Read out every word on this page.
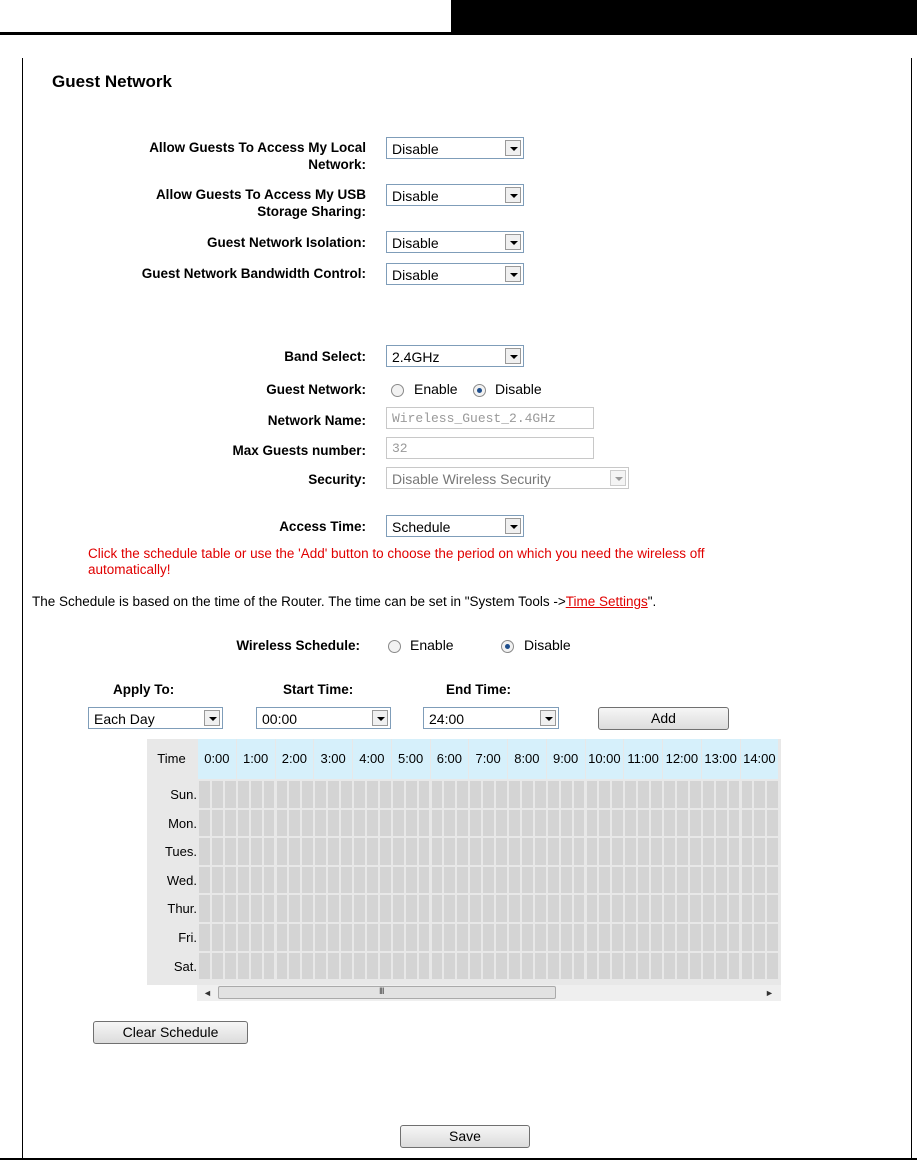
Guest Network
Allow Guests To Access My Local
Network:
Disable
Allow Guests To Access My USB
Storage Sharing:
Disable
Guest Network Isolation: Disable
Guest Network Bandwidth Control: Disable
Band Select: 2.4GHz
Guest Network:	Enable	Disable
Network Name: Wireless_Guest_2.4GHz
Max Guests number: 32
Security: Disable Wireless Security
Access Time: Schedule
Click the schedule table or use the 'Add' button to choose the period on which you need the wireless off
automatically!
The Schedule is based on the time of the Router. The time can be set in "System Tools ->Time Settings".
Wireless Schedule:	Enable	Disable
Apply To:	Start Time:	End Time:
Each Day	00:00	24:00	Add
Time	0:00	1:00	2:00	3:00	4:00	5:00	6:00	7:00	8:00	9:00 10:00 11:00 12:00 13:00 14:00
Sun.
Mon.
Tues.
Wed.
Thur.
Fri.
Sat.
◄	III	►
Clear Schedule
Save
